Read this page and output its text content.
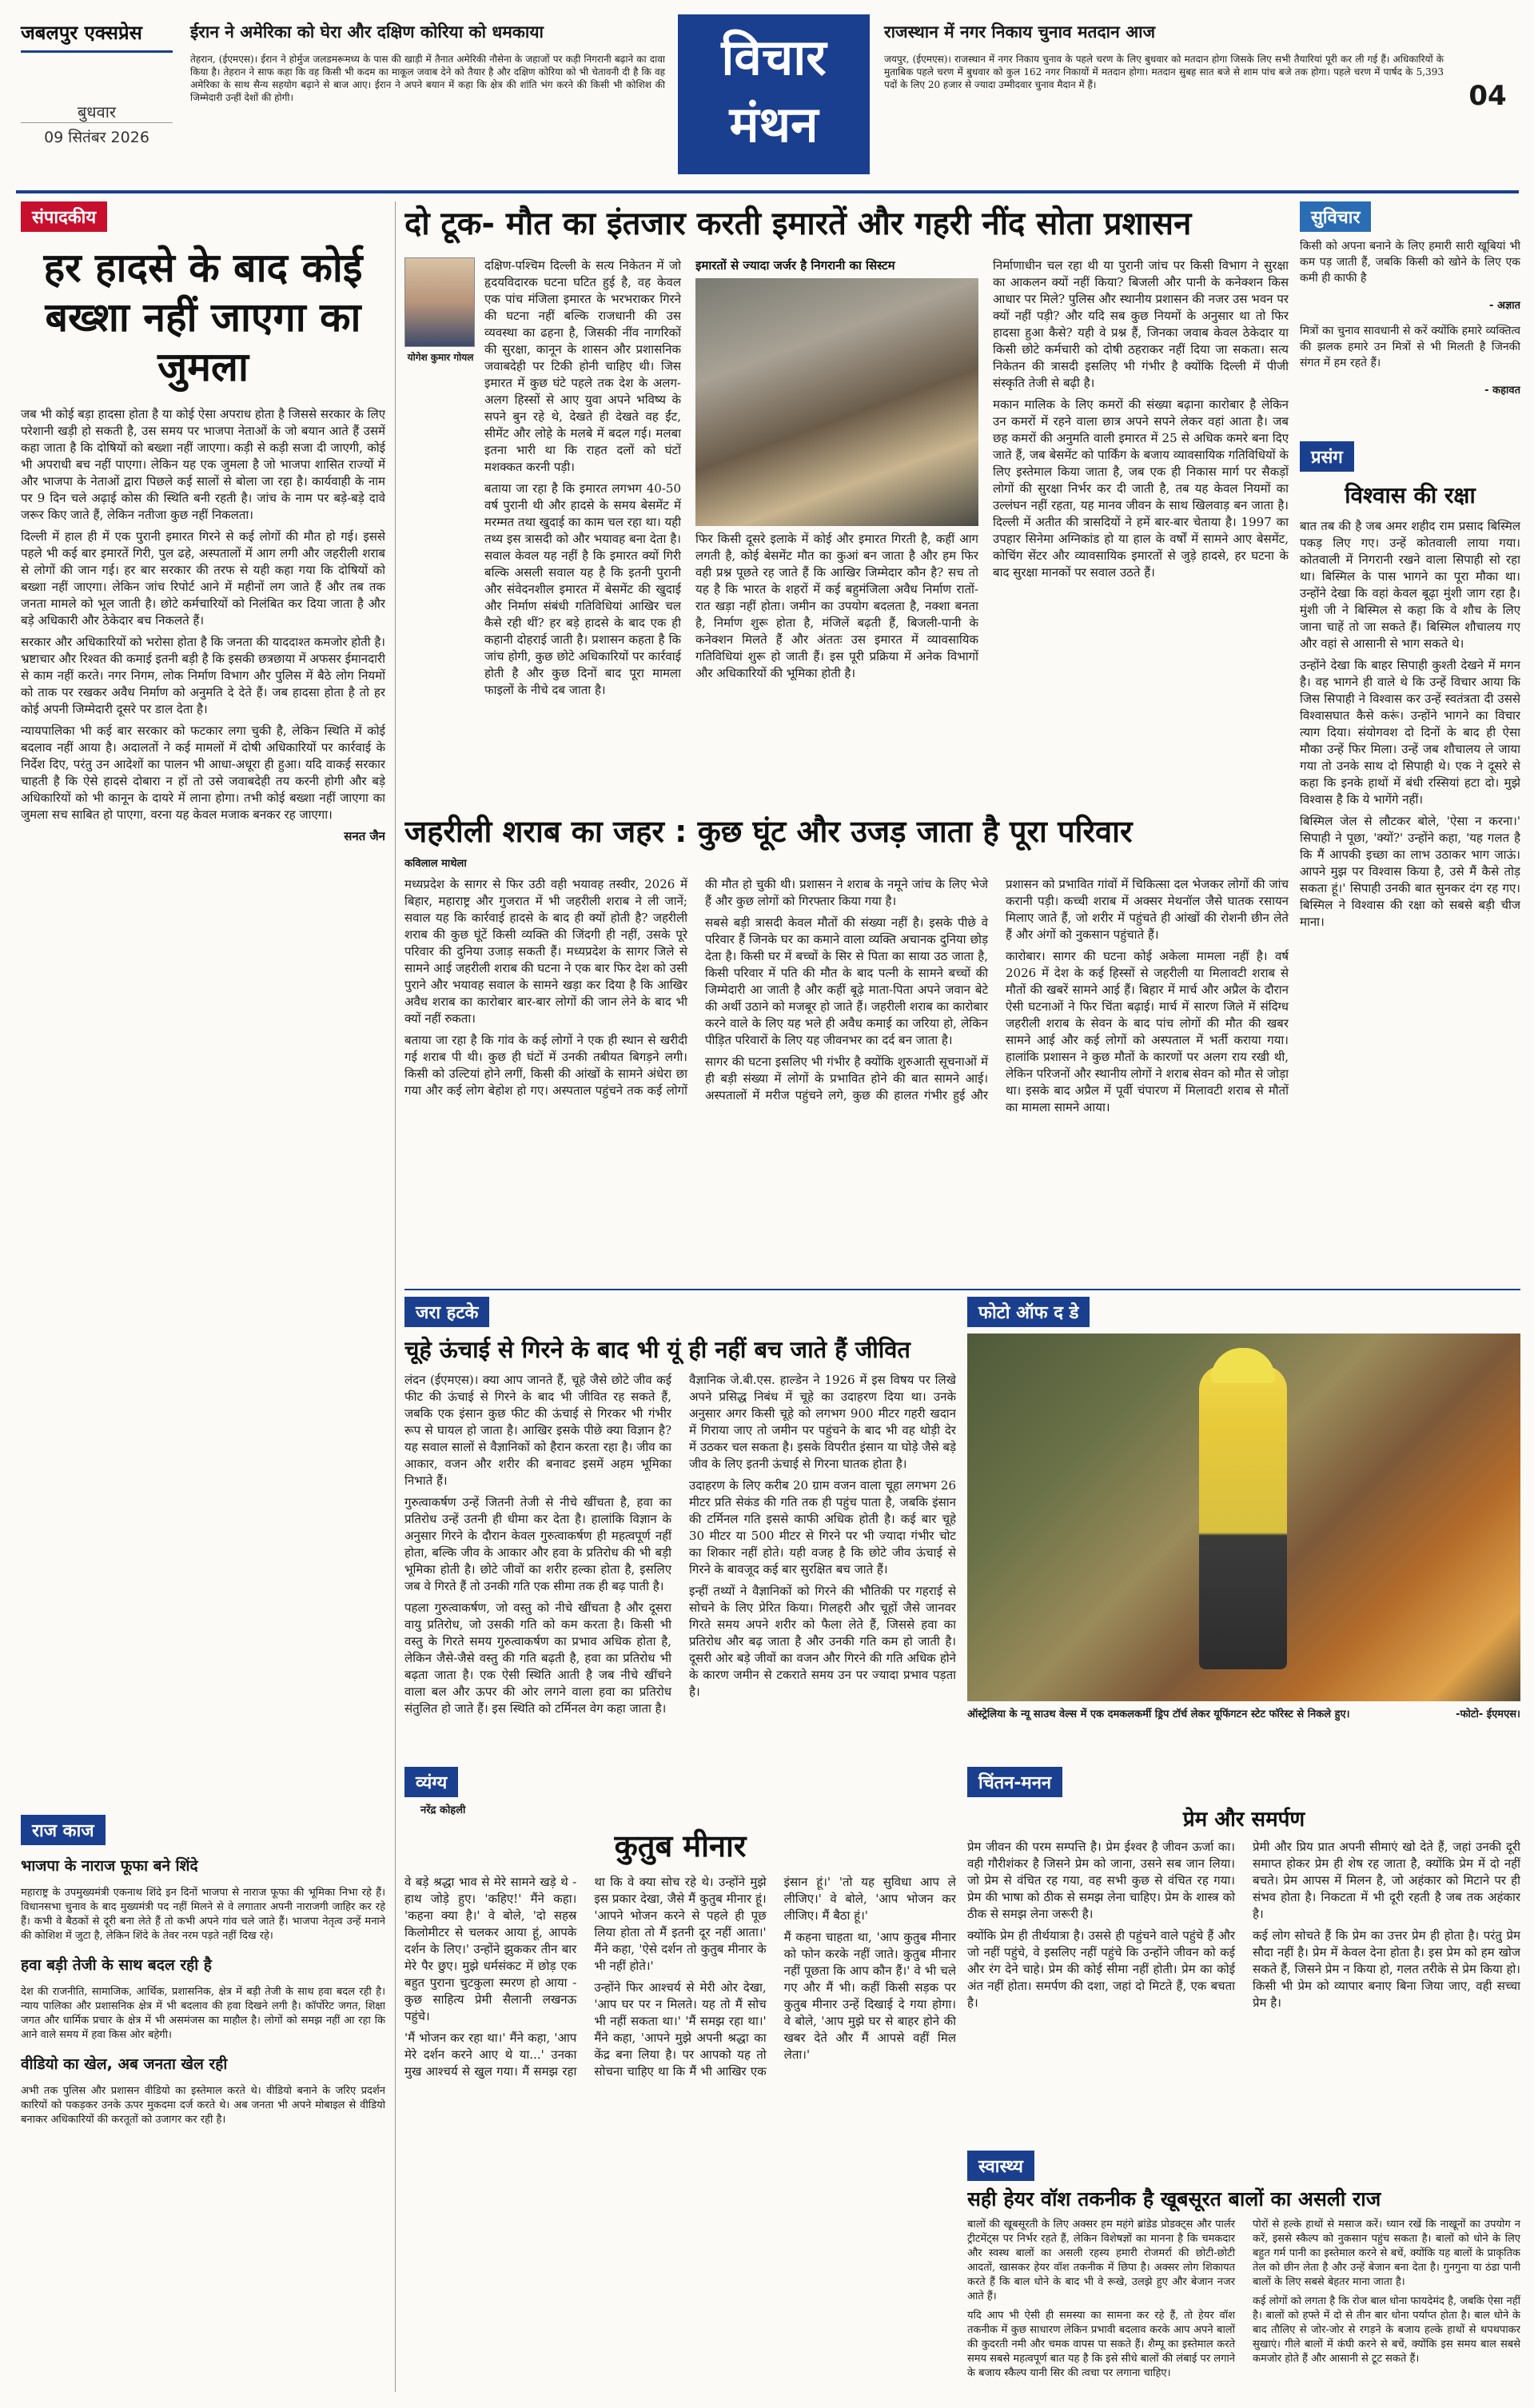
जबलपुर एक्सप्रेस
बुधवार
09 सितंबर 2026
ईरान ने अमेरिका को घेरा और दक्षिण कोरिया को धमकाया

तेहरान, (ईएमएस)। ईरान ने होर्मुज जलडमरूमध्य के पास की खाड़ी में तैनात अमेरिकी नौसेना के जहाजों पर कड़ी निगरानी बढ़ाने का दावा किया है। तेहरान ने साफ कहा कि वह किसी भी कदम का माकूल जवाब देने को तैयार है और दक्षिण कोरिया को भी चेतावनी दी है कि वह अमेरिका के साथ सैन्य सहयोग बढ़ाने से बाज आए। ईरान ने अपने बयान में कहा कि क्षेत्र की शांति भंग करने की किसी भी कोशिश की जिम्मेदारी उन्हीं देशों की होगी।

विचार
मंथन
राजस्थान में नगर निकाय चुनाव मतदान आज

जयपुर, (ईएमएस)। राजस्थान में नगर निकाय चुनाव के पहले चरण के लिए बुधवार को मतदान होगा जिसके लिए सभी तैयारियां पूरी कर ली गई हैं। अधिकारियों के मुताबिक पहले चरण में बुधवार को कुल 162 नगर निकायों में मतदान होगा। मतदान सुबह सात बजे से शाम पांच बजे तक होगा। पहले चरण में पार्षद के 5,393 पदों के लिए 20 हजार से ज्यादा उम्मीदवार चुनाव मैदान में हैं।	04
संपादकीय
हर हादसे के बाद कोई बख्शा नहीं जाएगा का जुमला

जब भी कोई बड़ा हादसा होता है या कोई ऐसा अपराध होता है जिससे सरकार के लिए परेशानी खड़ी हो सकती है, उस समय पर भाजपा नेताओं के जो बयान आते हैं उसमें कहा जाता है कि दोषियों को बख्शा नहीं जाएगा। कड़ी से कड़ी सजा दी जाएगी, कोई भी अपराधी बच नहीं पाएगा। लेकिन यह एक जुमला है जो भाजपा शासित राज्यों में और भाजपा के नेताओं द्वारा पिछले कई सालों से बोला जा रहा है। कार्यवाही के नाम पर 9 दिन चले अढ़ाई कोस की स्थिति बनी रहती है। जांच के नाम पर बड़े-बड़े दावे जरूर किए जाते हैं, लेकिन नतीजा कुछ नहीं निकलता।

दिल्ली में हाल ही में एक पुरानी इमारत गिरने से कई लोगों की मौत हो गई। इससे पहले भी कई बार इमारतें गिरी, पुल ढहे, अस्पतालों में आग लगी और जहरीली शराब से लोगों की जान गई। हर बार सरकार की तरफ से यही कहा गया कि दोषियों को बख्शा नहीं जाएगा। लेकिन जांच रिपोर्ट आने में महीनों लग जाते हैं और तब तक जनता मामले को भूल जाती है। छोटे कर्मचारियों को निलंबित कर दिया जाता है और बड़े अधिकारी और ठेकेदार बच निकलते हैं।

सरकार और अधिकारियों को भरोसा होता है कि जनता की याददाश्त कमजोर होती है। भ्रष्टाचार और रिश्वत की कमाई इतनी बड़ी है कि इसकी छत्रछाया में अफसर ईमानदारी से काम नहीं करते। नगर निगम, लोक निर्माण विभाग और पुलिस में बैठे लोग नियमों को ताक पर रखकर अवैध निर्माण को अनुमति दे देते हैं। जब हादसा होता है तो हर कोई अपनी जिम्मेदारी दूसरे पर डाल देता है।

न्यायपालिका भी कई बार सरकार को फटकार लगा चुकी है, लेकिन स्थिति में कोई बदलाव नहीं आया है। अदालतों ने कई मामलों में दोषी अधिकारियों पर कार्रवाई के निर्देश दिए, परंतु उन आदेशों का पालन भी आधा-अधूरा ही हुआ। यदि वाकई सरकार चाहती है कि ऐसे हादसे दोबारा न हों तो उसे जवाबदेही तय करनी होगी और बड़े अधिकारियों को भी कानून के दायरे में लाना होगा। तभी कोई बख्शा नहीं जाएगा का जुमला सच साबित हो पाएगा, वरना यह केवल मजाक बनकर रह जाएगा।

सनत जैन
राज काज
भाजपा के नाराज फूफा बने शिंदे

महाराष्ट्र के उपमुख्यमंत्री एकनाथ शिंदे इन दिनों भाजपा से नाराज फूफा की भूमिका निभा रहे हैं। विधानसभा चुनाव के बाद मुख्यमंत्री पद नहीं मिलने से वे लगातार अपनी नाराजगी जाहिर कर रहे हैं। कभी वे बैठकों से दूरी बना लेते हैं तो कभी अपने गांव चले जाते हैं। भाजपा नेतृत्व उन्हें मनाने की कोशिश में जुटा है, लेकिन शिंदे के तेवर नरम पड़ते नहीं दिख रहे।

हवा बड़ी तेजी के साथ बदल रही है

देश की राजनीति, सामाजिक, आर्थिक, प्रशासनिक, क्षेत्र में बड़ी तेजी के साथ हवा बदल रही है। न्याय पालिका और प्रशासनिक क्षेत्र में भी बदलाव की हवा दिखने लगी है। कॉर्पोरेट जगत, शिक्षा जगत और धार्मिक प्रचार के क्षेत्र में भी असमंजस का माहौल है। लोगों को समझ नहीं आ रहा कि आने वाले समय में हवा किस ओर बहेगी।

वीडियो का खेल, अब जनता खेल रही

अभी तक पुलिस और प्रशासन वीडियो का इस्तेमाल करते थे। वीडियो बनाने के जरिए प्रदर्शन कारियों को पकड़कर उनके ऊपर मुकदमा दर्ज करते थे। अब जनता भी अपने मोबाइल से वीडियो बनाकर अधिकारियों की करतूतों को उजागर कर रही है।

दो टूक- मौत का इंतजार करती इमारतें और गहरी नींद सोता प्रशासन
योगेश कुमार गोयल

दक्षिण-पश्चिम दिल्ली के सत्य निकेतन में जो हृदयविदारक घटना घटित हुई है, वह केवल एक पांच मंजिला इमारत के भरभराकर गिरने की घटना नहीं बल्कि राजधानी की उस व्यवस्था का ढहना है, जिसकी नींव नागरिकों की सुरक्षा, कानून के शासन और प्रशासनिक जवाबदेही पर टिकी होनी चाहिए थी। जिस इमारत में कुछ घंटे पहले तक देश के अलग-अलग हिस्सों से आए युवा अपने भविष्य के सपने बुन रहे थे, देखते ही देखते वह ईंट, सीमेंट और लोहे के मलबे में बदल गई। मलबा इतना भारी था कि राहत दलों को घंटों मशक्कत करनी पड़ी।

बताया जा रहा है कि इमारत लगभग 40-50 वर्ष पुरानी थी और हादसे के समय बेसमेंट में मरम्मत तथा खुदाई का काम चल रहा था। यही तथ्य इस त्रासदी को और भयावह बना देता है। सवाल केवल यह नहीं है कि इमारत क्यों गिरी बल्कि असली सवाल यह है कि इतनी पुरानी और संवेदनशील इमारत में बेसमेंट की खुदाई और निर्माण संबंधी गतिविधियां आखिर चल कैसे रही थीं? हर बड़े हादसे के बाद एक ही कहानी दोहराई जाती है। प्रशासन कहता है कि जांच होगी, कुछ छोटे अधिकारियों पर कार्रवाई होती है और कुछ दिनों बाद पूरा मामला फाइलों के नीचे दब जाता है।

इमारतों से ज्यादा जर्जर है निगरानी का सिस्टम

फिर किसी दूसरे इलाके में कोई और इमारत गिरती है, कहीं आग लगती है, कोई बेसमेंट मौत का कुआं बन जाता है और हम फिर वही प्रश्न पूछते रह जाते हैं कि आखिर जिम्मेदार कौन है? सच तो यह है कि भारत के शहरों में कई बहुमंजिला अवैध निर्माण रातों-रात खड़ा नहीं होता। जमीन का उपयोग बदलता है, नक्शा बनता है, निर्माण शुरू होता है, मंजिलें बढ़ती हैं, बिजली-पानी के कनेक्शन मिलते हैं और अंततः उस इमारत में व्यावसायिक गतिविधियां शुरू हो जाती हैं। इस पूरी प्रक्रिया में अनेक विभागों और अधिकारियों की भूमिका होती है।

निर्माणाधीन चल रहा थी या पुरानी जांच पर किसी विभाग ने सुरक्षा का आकलन क्यों नहीं किया? बिजली और पानी के कनेक्शन किस आधार पर मिले? पुलिस और स्थानीय प्रशासन की नजर उस भवन पर क्यों नहीं पड़ी? और यदि सब कुछ नियमों के अनुसार था तो फिर हादसा हुआ कैसे? यही वे प्रश्न हैं, जिनका जवाब केवल ठेकेदार या किसी छोटे कर्मचारी को दोषी ठहराकर नहीं दिया जा सकता। सत्य निकेतन की त्रासदी इसलिए भी गंभीर है क्योंकि दिल्ली में पीजी संस्कृति तेजी से बढ़ी है।

मकान मालिक के लिए कमरों की संख्या बढ़ाना कारोबार है लेकिन उन कमरों में रहने वाला छात्र अपने सपने लेकर वहां आता है। जब छह कमरों की अनुमति वाली इमारत में 25 से अधिक कमरे बना दिए जाते हैं, जब बेसमेंट को पार्किंग के बजाय व्यावसायिक गतिविधियों के लिए इस्तेमाल किया जाता है, जब एक ही निकास मार्ग पर सैकड़ों लोगों की सुरक्षा निर्भर कर दी जाती है, तब यह केवल नियमों का उल्लंघन नहीं रहता, यह मानव जीवन के साथ खिलवाड़ बन जाता है। दिल्ली में अतीत की त्रासदियों ने हमें बार-बार चेताया है। 1997 का उपहार सिनेमा अग्निकांड हो या हाल के वर्षों में सामने आए बेसमेंट, कोचिंग सेंटर और व्यावसायिक इमारतों से जुड़े हादसे, हर घटना के बाद सुरक्षा मानकों पर सवाल उठते हैं।

सुविचार

किसी को अपना बनाने के लिए हमारी सारी खूबियां भी कम पड़ जाती हैं, जबकि किसी को खोने के लिए एक कमी ही काफी है

- अज्ञात

मित्रों का चुनाव सावधानी से करें क्योंकि हमारे व्यक्तित्व की झलक हमारे उन मित्रों से भी मिलती है जिनकी संगत में हम रहते हैं।

- कहावत
प्रसंग
विश्वास की रक्षा

बात तब की है जब अमर शहीद राम प्रसाद बिस्मिल पकड़ लिए गए। उन्हें कोतवाली लाया गया। कोतवाली में निगरानी रखने वाला सिपाही सो रहा था। बिस्मिल के पास भागने का पूरा मौका था। उन्होंने देखा कि वहां केवल बूढ़ा मुंशी जाग रहा है। मुंशी जी ने बिस्मिल से कहा कि वे शौच के लिए जाना चाहें तो जा सकते हैं। बिस्मिल शौचालय गए और वहां से आसानी से भाग सकते थे।

उन्होंने देखा कि बाहर सिपाही कुश्ती देखने में मगन है। वह भागने ही वाले थे कि उन्हें विचार आया कि जिस सिपाही ने विश्वास कर उन्हें स्वतंत्रता दी उससे विश्वासघात कैसे करूं। उन्होंने भागने का विचार त्याग दिया। संयोगवश दो दिनों के बाद ही ऐसा मौका उन्हें फिर मिला। उन्हें जब शौचालय ले जाया गया तो उनके साथ दो सिपाही थे। एक ने दूसरे से कहा कि इनके हाथों में बंधी रस्सियां हटा दो। मुझे विश्वास है कि ये भागेंगे नहीं।

बिस्मिल जेल से लौटकर बोले, 'ऐसा न करना।' सिपाही ने पूछा, 'क्यों?' उन्होंने कहा, 'यह गलत है कि मैं आपकी इच्छा का लाभ उठाकर भाग जाऊं। आपने मुझ पर विश्वास किया है, उसे मैं कैसे तोड़ सकता हूं।' सिपाही उनकी बात सुनकर दंग रह गए। बिस्मिल ने विश्वास की रक्षा को सबसे बड़ी चीज माना।

जहरीली शराब का जहर : कुछ घूंट और उजड़ जाता है पूरा परिवार
कविलाल माथेला

मध्यप्रदेश के सागर से फिर उठी वही भयावह तस्वीर, 2026 में बिहार, महाराष्ट्र और गुजरात में भी जहरीली शराब ने ली जानें; सवाल यह कि कार्रवाई हादसे के बाद ही क्यों होती है? जहरीली शराब की कुछ घूंटें किसी व्यक्ति की जिंदगी ही नहीं, उसके पूरे परिवार की दुनिया उजाड़ सकती हैं। मध्यप्रदेश के सागर जिले से सामने आई जहरीली शराब की घटना ने एक बार फिर देश को उसी पुराने और भयावह सवाल के सामने खड़ा कर दिया है कि आखिर अवैध शराब का कारोबार बार-बार लोगों की जान लेने के बाद भी क्यों नहीं रुकता।

बताया जा रहा है कि गांव के कई लोगों ने एक ही स्थान से खरीदी गई शराब पी थी। कुछ ही घंटों में उनकी तबीयत बिगड़ने लगी। किसी को उल्टियां होने लगीं, किसी की आंखों के सामने अंधेरा छा गया और कई लोग बेहोश हो गए। अस्पताल पहुंचने तक कई लोगों की मौत हो चुकी थी। प्रशासन ने शराब के नमूने जांच के लिए भेजे हैं और कुछ लोगों को गिरफ्तार किया गया है।

सबसे बड़ी त्रासदी केवल मौतों की संख्या नहीं है। इसके पीछे वे परिवार हैं जिनके घर का कमाने वाला व्यक्ति अचानक दुनिया छोड़ देता है। किसी घर में बच्चों के सिर से पिता का साया उठ जाता है, किसी परिवार में पति की मौत के बाद पत्नी के सामने बच्चों की जिम्मेदारी आ जाती है और कहीं बूढ़े माता-पिता अपने जवान बेटे की अर्थी उठाने को मजबूर हो जाते हैं। जहरीली शराब का कारोबार करने वाले के लिए यह भले ही अवैध कमाई का जरिया हो, लेकिन पीड़ित परिवारों के लिए यह जीवनभर का दर्द बन जाता है।

सागर की घटना इसलिए भी गंभीर है क्योंकि शुरुआती सूचनाओं में ही बड़ी संख्या में लोगों के प्रभावित होने की बात सामने आई। अस्पतालों में मरीज पहुंचने लगे, कुछ की हालत गंभीर हुई और प्रशासन को प्रभावित गांवों में चिकित्सा दल भेजकर लोगों की जांच करानी पड़ी। कच्ची शराब में अक्सर मेथनॉल जैसे घातक रसायन मिलाए जाते हैं, जो शरीर में पहुंचते ही आंखों की रोशनी छीन लेते हैं और अंगों को नुकसान पहुंचाते हैं।

कारोबार। सागर की घटना कोई अकेला मामला नहीं है। वर्ष 2026 में देश के कई हिस्सों से जहरीली या मिलावटी शराब से मौतों की खबरें सामने आई हैं। बिहार में मार्च और अप्रैल के दौरान ऐसी घटनाओं ने फिर चिंता बढ़ाई। मार्च में सारण जिले में संदिग्ध जहरीली शराब के सेवन के बाद पांच लोगों की मौत की खबर सामने आई और कई लोगों को अस्पताल में भर्ती कराया गया। हालांकि प्रशासन ने कुछ मौतों के कारणों पर अलग राय रखी थी, लेकिन परिजनों और स्थानीय लोगों ने शराब सेवन को मौत से जोड़ा था। इसके बाद अप्रैल में पूर्वी चंपारण में मिलावटी शराब से मौतों का मामला सामने आया।

जरा हटके
चूहे ऊंचाई से गिरने के बाद भी यूं ही नहीं बच जाते हैं जीवित

लंदन (ईएमएस)। क्या आप जानते हैं, चूहे जैसे छोटे जीव कई फीट की ऊंचाई से गिरने के बाद भी जीवित रह सकते हैं, जबकि एक इंसान कुछ फीट की ऊंचाई से गिरकर भी गंभीर रूप से घायल हो जाता है। आखिर इसके पीछे क्या विज्ञान है? यह सवाल सालों से वैज्ञानिकों को हैरान करता रहा है। जीव का आकार, वजन और शरीर की बनावट इसमें अहम भूमिका निभाते हैं।

गुरुत्वाकर्षण उन्हें जितनी तेजी से नीचे खींचता है, हवा का प्रतिरोध उन्हें उतनी ही धीमा कर देता है। हालांकि विज्ञान के अनुसार गिरने के दौरान केवल गुरुत्वाकर्षण ही महत्वपूर्ण नहीं होता, बल्कि जीव के आकार और हवा के प्रतिरोध की भी बड़ी भूमिका होती है। छोटे जीवों का शरीर हल्का होता है, इसलिए जब वे गिरते हैं तो उनकी गति एक सीमा तक ही बढ़ पाती है।

पहला गुरुत्वाकर्षण, जो वस्तु को नीचे खींचता है और दूसरा वायु प्रतिरोध, जो उसकी गति को कम करता है। किसी भी वस्तु के गिरते समय गुरुत्वाकर्षण का प्रभाव अधिक होता है, लेकिन जैसे-जैसे वस्तु की गति बढ़ती है, हवा का प्रतिरोध भी बढ़ता जाता है। एक ऐसी स्थिति आती है जब नीचे खींचने वाला बल और ऊपर की ओर लगने वाला हवा का प्रतिरोध संतुलित हो जाते हैं। इस स्थिति को टर्मिनल वेग कहा जाता है।

वैज्ञानिक जे.बी.एस. हाल्डेन ने 1926 में इस विषय पर लिखे अपने प्रसिद्ध निबंध में चूहे का उदाहरण दिया था। उनके अनुसार अगर किसी चूहे को लगभग 900 मीटर गहरी खदान में गिराया जाए तो जमीन पर पहुंचने के बाद भी वह थोड़ी देर में उठकर चल सकता है। इसके विपरीत इंसान या घोड़े जैसे बड़े जीव के लिए इतनी ऊंचाई से गिरना घातक होता है।

उदाहरण के लिए करीब 20 ग्राम वजन वाला चूहा लगभग 26 मीटर प्रति सेकंड की गति तक ही पहुंच पाता है, जबकि इंसान की टर्मिनल गति इससे काफी अधिक होती है। कई बार चूहे 30 मीटर या 500 मीटर से गिरने पर भी ज्यादा गंभीर चोट का शिकार नहीं होते। यही वजह है कि छोटे जीव ऊंचाई से गिरने के बावजूद कई बार सुरक्षित बच जाते हैं।

इन्हीं तथ्यों ने वैज्ञानिकों को गिरने की भौतिकी पर गहराई से सोचने के लिए प्रेरित किया। गिलहरी और चूहों जैसे जानवर गिरते समय अपने शरीर को फैला लेते हैं, जिससे हवा का प्रतिरोध और बढ़ जाता है और उनकी गति कम हो जाती है। दूसरी ओर बड़े जीवों का वजन और गिरने की गति अधिक होने के कारण जमीन से टकराते समय उन पर ज्यादा प्रभाव पड़ता है।

फोटो ऑफ द डे
ऑस्ट्रेलिया के न्यू साउथ वेल्स में एक दमकलकर्मी ड्रिप टॉर्च लेकर यूफिंगटन स्टेट फॉरेस्ट से निकले हुए।	-फोटो- ईएमएस।
व्यंग्य
नरेंद्र कोहली
कुतुब मीनार

वे बड़े श्रद्धा भाव से मेरे सामने खड़े थे - हाथ जोड़े हुए। 'कहिए!' मैंने कहा। 'कहना क्या है।' वे बोले, 'दो सहस्र किलोमीटर से चलकर आया हूं, आपके दर्शन के लिए।' उन्होंने झुककर तीन बार मेरे पैर छुए। मुझे धर्मसंकट में छोड़ एक बहुत पुराना चुटकुला स्मरण हो आया - कुछ साहित्य प्रेमी सैलानी लखनऊ पहुंचे।

'मैं भोजन कर रहा था।' मैंने कहा, 'आप मेरे दर्शन करने आए थे या...' उनका मुख आश्चर्य से खुल गया। मैं समझ रहा था कि वे क्या सोच रहे थे। उन्होंने मुझे इस प्रकार देखा, जैसे मैं कुतुब मीनार हूं। 'आपने भोजन करने से पहले ही पूछ लिया होता तो मैं इतनी दूर नहीं आता।' मैंने कहा, 'ऐसे दर्शन तो कुतुब मीनार के भी नहीं होते।'

उन्होंने फिर आश्चर्य से मेरी ओर देखा, 'आप घर पर न मिलते। यह तो मैं सोच भी नहीं सकता था।' 'मैं समझ रहा था।' मैंने कहा, 'आपने मुझे अपनी श्रद्धा का केंद्र बना लिया है। पर आपको यह तो सोचना चाहिए था कि मैं भी आखिर एक इंसान हूं।' 'तो यह सुविधा आप ले लीजिए।' वे बोले, 'आप भोजन कर लीजिए। मैं बैठा हूं।'

मैं कहना चाहता था, 'आप कुतुब मीनार को फोन करके नहीं जाते। कुतुब मीनार नहीं पूछता कि आप कौन हैं।' वे भी चले गए और मैं भी। कहीं किसी सड़क पर कुतुब मीनार उन्हें दिखाई दे गया होगा। वे बोले, 'आप मुझे घर से बाहर होने की खबर देते और मैं आपसे वहीं मिल लेता।'

चिंतन-मनन
प्रेम और समर्पण

प्रेम जीवन की परम सम्पत्ति है। प्रेम ईश्वर है जीवन ऊर्जा का। वही गौरीशंकर है जिसने प्रेम को जाना, उसने सब जान लिया। जो प्रेम से वंचित रह गया, वह सभी कुछ से वंचित रह गया। प्रेम की भाषा को ठीक से समझ लेना चाहिए। प्रेम के शास्त्र को ठीक से समझ लेना जरूरी है।

क्योंकि प्रेम ही तीर्थयात्रा है। उससे ही पहुंचने वाले पहुंचे हैं और जो नहीं पहुंचे, वे इसलिए नहीं पहुंचे कि उन्होंने जीवन को कई और रंग देने चाहे। प्रेम की कोई सीमा नहीं होती। प्रेम का कोई अंत नहीं होता। समर्पण की दशा, जहां दो मिटते हैं, एक बचता है।

प्रेमी और प्रिय प्रात अपनी सीमाएं खो देते हैं, जहां उनकी दूरी समाप्त होकर प्रेम ही शेष रह जाता है, क्योंकि प्रेम में दो नहीं बचते। प्रेम आपस में मिलन है, जो अहंकार को मिटाने पर ही संभव होता है। निकटता में भी दूरी रहती है जब तक अहंकार है।

कई लोग सोचते हैं कि प्रेम का उत्तर प्रेम ही होता है। परंतु प्रेम सौदा नहीं है। प्रेम में केवल देना होता है। इस प्रेम को हम खोज सकते हैं, जिसने प्रेम न किया हो, गलत तरीके से प्रेम किया हो। किसी भी प्रेम को व्यापार बनाए बिना जिया जाए, वही सच्चा प्रेम है।

स्वास्थ्य
सही हेयर वॉश तकनीक है खूबसूरत बालों का असली राज

बालों की खूबसूरती के लिए अक्सर हम महंगे ब्रांडेड प्रोडक्ट्स और पार्लर ट्रीटमेंट्स पर निर्भर रहते हैं, लेकिन विशेषज्ञों का मानना है कि चमकदार और स्वस्थ बालों का असली रहस्य हमारी रोजमर्रा की छोटी-छोटी आदतों, खासकर हेयर वॉश तकनीक में छिपा है। अक्सर लोग शिकायत करते हैं कि बाल धोने के बाद भी वे रूखे, उलझे हुए और बेजान नजर आते हैं।

यदि आप भी ऐसी ही समस्या का सामना कर रहे हैं, तो हेयर वॉश तकनीक में कुछ साधारण लेकिन प्रभावी बदलाव करके आप अपने बालों की कुदरती नमी और चमक वापस पा सकते हैं। शैम्पू का इस्तेमाल करते समय सबसे महत्वपूर्ण बात यह है कि इसे सीधे बालों की लंबाई पर लगाने के बजाय स्कैल्प यानी सिर की त्वचा पर लगाना चाहिए।

पोरों से हल्के हाथों से मसाज करें। ध्यान रखें कि नाखूनों का उपयोग न करें, इससे स्कैल्प को नुकसान पहुंच सकता है। बालों को धोने के लिए बहुत गर्म पानी का इस्तेमाल करने से बचें, क्योंकि यह बालों के प्राकृतिक तेल को छीन लेता है और उन्हें बेजान बना देता है। गुनगुना या ठंडा पानी बालों के लिए सबसे बेहतर माना जाता है।

कई लोगों को लगता है कि रोज बाल धोना फायदेमंद है, जबकि ऐसा नहीं है। बालों को हफ्ते में दो से तीन बार धोना पर्याप्त होता है। बाल धोने के बाद तौलिए से जोर-जोर से रगड़ने के बजाय हल्के हाथों से थपथपाकर सुखाएं। गीले बालों में कंघी करने से बचें, क्योंकि इस समय बाल सबसे कमजोर होते हैं और आसानी से टूट सकते हैं।
